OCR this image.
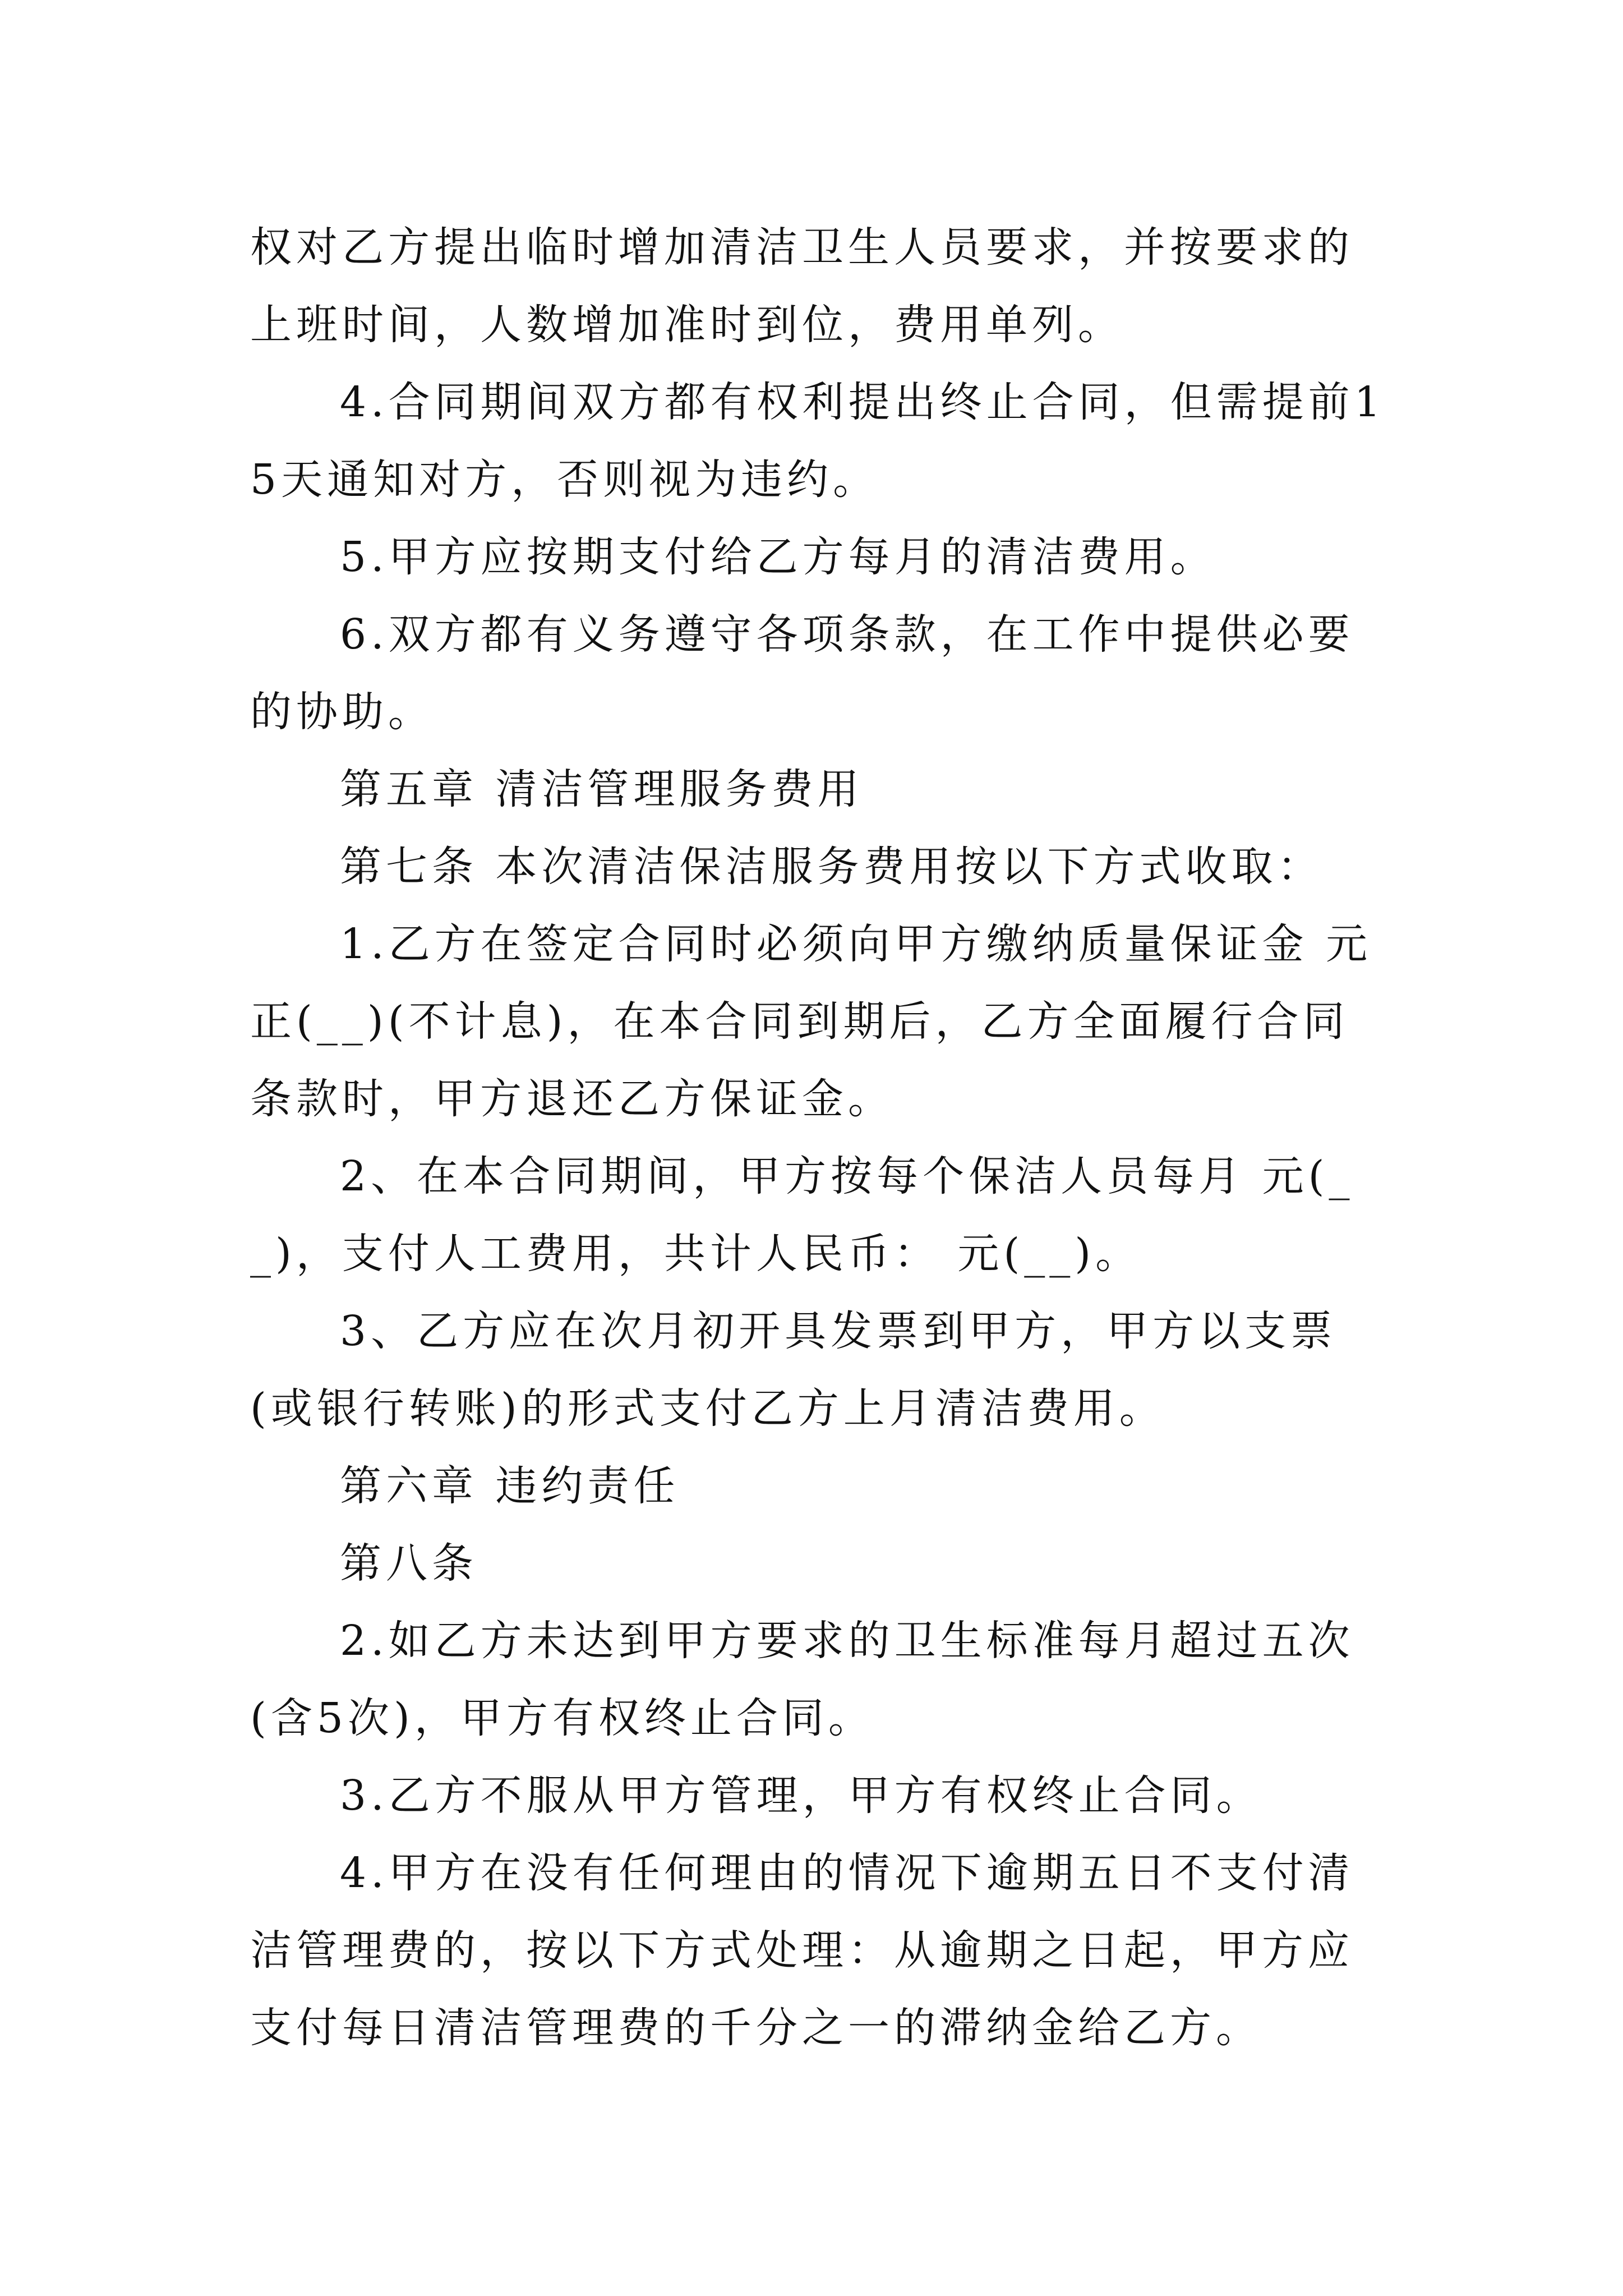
权对乙方提出临时增加清洁卫生人员要求，并按要求的上班时间，人数增加准时到位，费用单列。

4.合同期间双方都有权利提出终止合同，但需提前15天通知对方，否则视为违约。

5.甲方应按期支付给乙方每月的清洁费用。

6.双方都有义务遵守各项条款，在工作中提供必要的协助。

第五章 清洁管理服务费用

第七条 本次清洁保洁服务费用按以下方式收取：

1.乙方在签定合同时必须向甲方缴纳质量保证金 元正(__)(不计息)，在本合同到期后，乙方全面履行合同条款时，甲方退还乙方保证金。

2、在本合同期间，甲方按每个保洁人员每月 元(__)，支付人工费用，共计人民币： 元(__)。

3、乙方应在次月初开具发票到甲方，甲方以支票(或银行转账)的形式支付乙方上月清洁费用。

第六章 违约责任

第八条

2.如乙方未达到甲方要求的卫生标准每月超过五次(含5次)，甲方有权终止合同。

3.乙方不服从甲方管理，甲方有权终止合同。

4.甲方在没有任何理由的情况下逾期五日不支付清洁管理费的，按以下方式处理：从逾期之日起，甲方应支付每日清洁管理费的千分之一的滞纳金给乙方。
